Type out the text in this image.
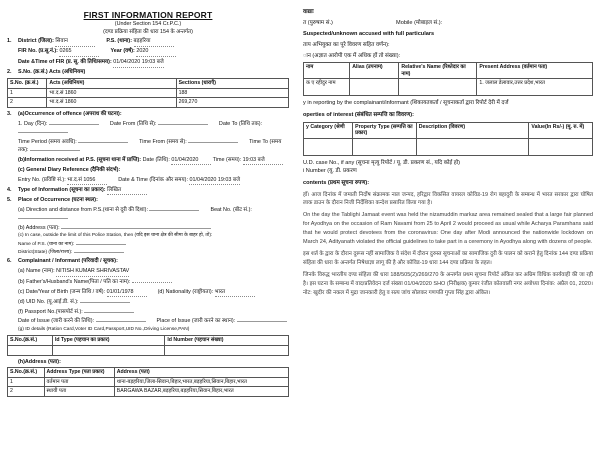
FIRST INFORMATION REPORT
(Under Section 154 Cr.P.C.)
(दण्ड प्रक्रिया संहिता की धारा 154 के अन्तर्गत)
1.	District (जिला): सिवान	P.S. (थाना): बड़हरिया
FIR No. (प्र.सू.नं.): 0265	Year (वर्ष): 2020
Date &Time of FIR (प्र. सू. की तिथि/समय): 01/04/2020 19:03 बजे
2.	S.No. (क्र.सं.) Acts (अधिनियम)
S.No. (क्र.सं.)	Acts (अधिनियम)	Sections (धाराएँ)
1	भा.द.सं 1860	188
2	भा.द.सं 1860	269,270
3.	(a)Occurrence of offence (अपराध की घटना):
1. Day (दिन):	Date From (तिथि से):	Date To (तिथि तक):
Time Period (समय अवधि):	Time From (समय से):	Time To (समय तक):
(b)Information received at P.S. (सूचना थाना में प्राप्ति): Date (तिथि): 01/04/2020	Time (समय): 19:03 बजे
(c) General Diary Reference (दैनिकी संदर्भ):
Entry No. (प्रविष्टि सं.): भा.द.सं 1056	Date & Time (दिनांक और समय): 01/04/2020 19:03 बजे
4.	Type of Information (सूचना का प्रकार): लिखित
5.	Place of Occurrence (घटना स्थल):
(a) Direction and distance from P.S.(थाना से दूरी की दिशा):	Beat No. (बीट सं.):
(b) Address (पता):
(c) In case, outside the limit of this Police Station, then (यदि इस थाना क्षेत्र की सीमा के बाहर हो, तो):
Name of P.S. (थाना का नाम):
District(State) (जिला/राज्य):
6.	Complainant / Informant (परिवादी / सूचक):
(a) Name (नाम): NITISH KUMAR SHRIVASTAV
(b) Father's/Husband's Name(पिता / पति का नाम):
(c) Date/Year of Birth (जन्म तिथि / वर्ष): 01/01/1978	(d) Nationality (राष्ट्रीयता): भारत
(d) UID No. (यू.आई.डी. सं.):
(f) Passport No.(पासपोर्ट सं.):
Date of Issue (जारी करने की तिथि):	Place of Issue (जारी करने का स्थान):
(g) ID details (Ration Card,Voter ID Card,Passport,UID No.,Driving License,PAN)
S.No.(क्र.सं.)	Id Type (पहचान का प्रकार)	Id Number (पहचान संख्या)

(h)Address (पता):
S.No.(क्र.सं.)	Address Type (पता प्रकार)	Address (पता)
1	वर्तमान पता	थाना-बड़हरिया,जिला-सिवान,बिहार,भारत,बड़हरिया,सिवान,बिहार,भारत
2	स्थायी पता	BARGAWA BAZAR,बड़हरिया,बड़हरिया,सिवान,बिहार,भारत
वाद्याः
त (पुरुषाम सं.)	Mobile (मोबाइल सं.):
Suspected/unknown accused with full particulars
ताप अभियुक्त का पूरे विवरण सहित वर्णन):
ान (अज्ञात आरोपी एक में अधिक हों तो संख्या):
नाम	Alias (उपनाम)	Relative's Name (रिश्तेदार का नाम)	Present Address (वर्तमान पता)
क ए रहीदुर नाम			1. जलाल डेलावार,उत्तर प्रदेश,भारत
y in reporting by the complainant/informant (शिकायतकर्ता / सूचनाकर्ता द्वारा रिपोर्ट देरी में दर्ज
operties of interest (संबंधित सम्पत्ति का विवरण):
y Category (श्रेणी	Property Type (सम्पत्ति का प्रकार)	Description (विवरण)	Value(In Rs/-) (मू. रु. में)

U.D. case No., if any (सूचना मृत्यु रिपोर्ट / यू. डी. प्रकरण सं., यदि कोई हो)
i Number (यू. डी. प्रकरण
contents (प्रथम सूचना रुपण):
हाँ। आज दिनांक में जमाती निर्दोष संक्रामक नाल जन्पद, हरिद्वार विकसित वायरल कोविड-19 रोग बहादुरी के सम्बन्ध में भारत सरकार द्वारा घोषित लाक डाउन के दौरान निजी निर्देशिका कन्देश प्रसारित किया गया है।
On the day the Tablighi Jamaat event was held the nizamuddin markaz area remained sealed that a large fair planned for Ayodhya on the occasion of Ram Navami from 25 to April 2 would proceed as usual while Acharya Paramhans said that he would protect devotees from the coronavirus: One day after Modi announced the nationwide lockdown on March 24, Adityanath violated the official guidelines to take part in a ceremony in Ayodhya along with dozens of people.
इस शर्त के द्वारा के दौरान दुरूस नहीं सामाजिक वे संदेश में दौरान दुरुस्त सूचनाओं का सामाजिक दुरी के पालन को कराने हेतु दिनांक 144 दण्ड प्रक्रिया संहिता की धारा के अन्तर्गत निषेधाज्ञा लागू की है और कोविड-19 धारा 144 दण्ड प्रक्रिया के तहत।
जिनके विरुद्ध भारतीय दण्ड संहिता की धारा 188/505(2)/269/270 के अन्तर्गत प्रथम सूचना रिपोर्ट अंकित कर अग्रिम विधिक कार्यवाही की जा रही है। इस घटना के सम्बन्ध में वाद/प्रतिवेदन दर्ज संख्या 01/04/2020 SHO (निरीक्षक) कुमार रंजीत कोतवाली नगर अयोध्या दिनांक: अप्रैल 01, 2020। नोट: खुदीर की नकल में मुद्रा जानकारी हेतु व सत्य जांच सोलकर गणपति गुप्ता सिंह द्वारा अंकित।
